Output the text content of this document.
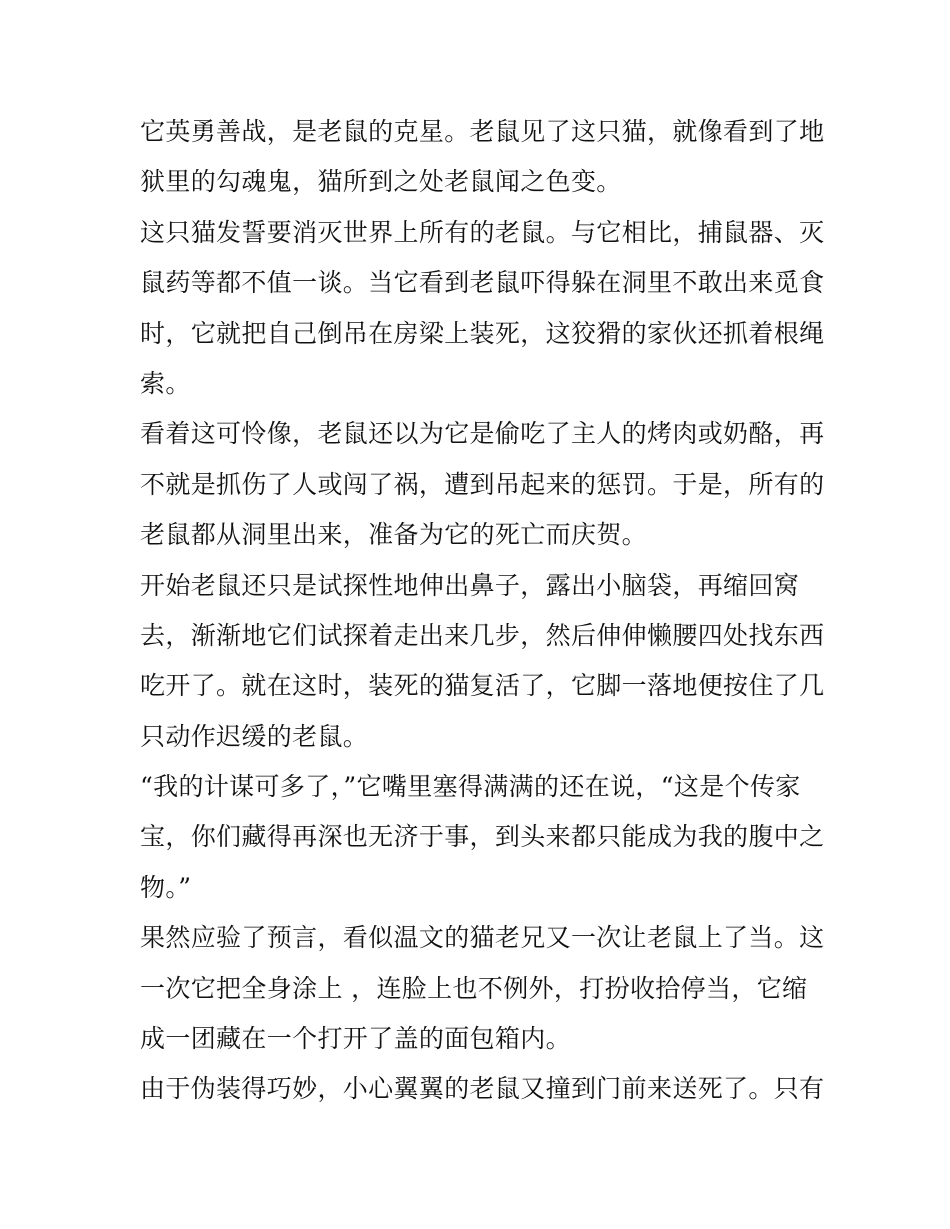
它英勇善战，是老鼠的克星。老鼠见了这只猫，就像看到了地
狱里的勾魂鬼，猫所到之处老鼠闻之色变。
这只猫发誓要消灭世界上所有的老鼠。与它相比，捕鼠器、灭
鼠药等都不值一谈。当它看到老鼠吓得躲在洞里不敢出来觅食
时，它就把自己倒吊在房梁上装死，这狡猾的家伙还抓着根绳
索。
看着这可怜像，老鼠还以为它是偷吃了主人的烤肉或奶酪，再
不就是抓伤了人或闯了祸，遭到吊起来的惩罚。于是，所有的
老鼠都从洞里出来，准备为它的死亡而庆贺。
开始老鼠还只是试探性地伸出鼻子，露出小脑袋，再缩回窝
去，渐渐地它们试探着走出来几步，然后伸伸懒腰四处找东西
吃开了。就在这时，装死的猫复活了，它脚一落地便按住了几
只动作迟缓的老鼠。
“我的计谋可多了，”它嘴里塞得满满的还在说，“这是个传家
宝，你们藏得再深也无济于事，到头来都只能成为我的腹中之
物。”
果然应验了预言，看似温文的猫老兄又一次让老鼠上了当。这
一次它把全身涂上 ，连脸上也不例外，打扮收拾停当，它缩
成一团藏在一个打开了盖的面包箱内。
由于伪装得巧妙，小心翼翼的老鼠又撞到门前来送死了。只有
